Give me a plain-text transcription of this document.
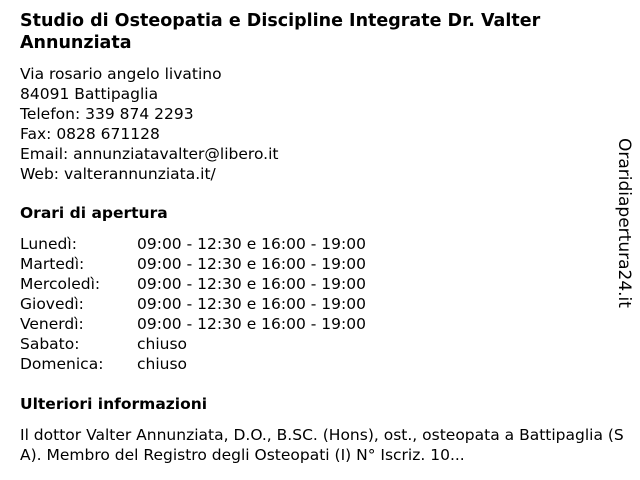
Studio di Osteopatia e Discipline Integrate Dr. Valter Annunziata
Via rosario angelo livatino
84091 Battipaglia
Telefon: 339 874 2293
Fax: 0828 671128
Email: annunziatavalter@libero.it
Web: valterannunziata.it/
Orari di apertura
Lunedì:	09:00 - 12:30 e 16:00 - 19:00
Martedì:	09:00 - 12:30 e 16:00 - 19:00
Mercoledì: 09:00 - 12:30 e 16:00 - 19:00
Giovedì:	09:00 - 12:30 e 16:00 - 19:00
Venerdì:	09:00 - 12:30 e 16:00 - 19:00
Sabato:	chiuso
Domenica: chiuso
Ulteriori informazioni
Il dottor Valter Annunziata, D.O., B.SC. (Hons), ost., osteopata a Battipaglia (SA). Membro del Registro degli Osteopati (I) N° Iscriz. 10...
Oraridiapertura24.it
